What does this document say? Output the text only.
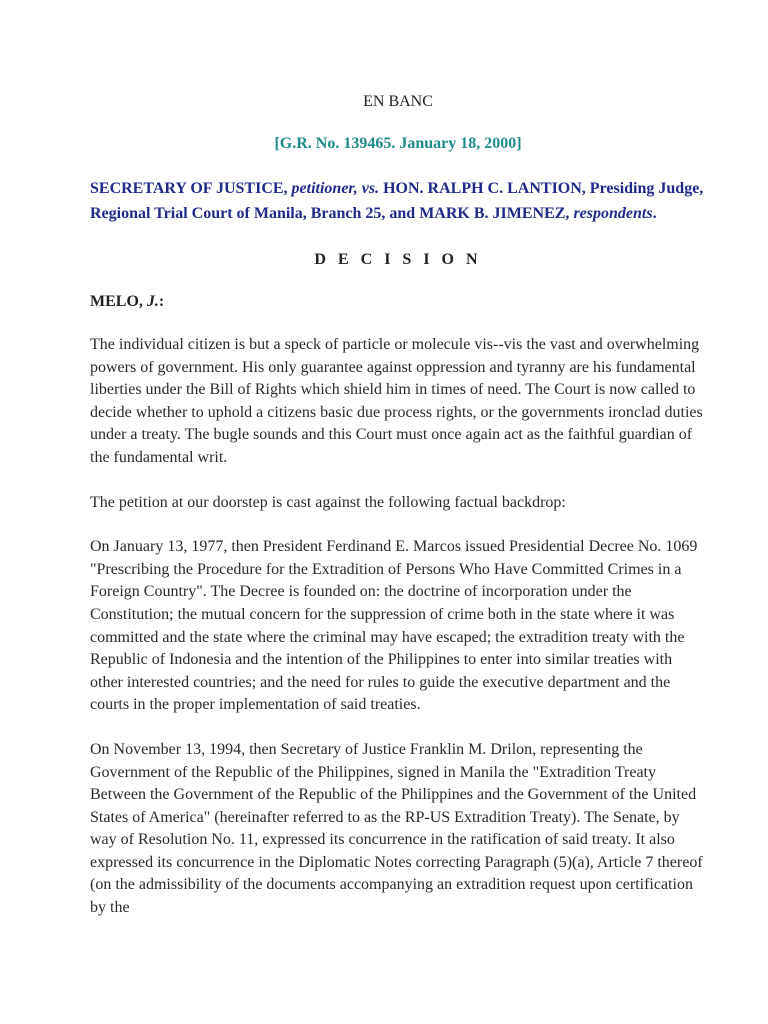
EN BANC

[G.R. No. 139465. January 18, 2000]

SECRETARY OF JUSTICE, petitioner, vs. HON. RALPH C. LANTION, Presiding Judge, Regional Trial Court of Manila, Branch 25, and MARK B. JIMENEZ, respondents.

D E C I S I O N

MELO, J.:

The individual citizen is but a speck of particle or molecule vis--vis the vast and overwhelming powers of government. His only guarantee against oppression and tyranny are his fundamental liberties under the Bill of Rights which shield him in times of need. The Court is now called to decide whether to uphold a citizens basic due process rights, or the governments ironclad duties under a treaty. The bugle sounds and this Court must once again act as the faithful guardian of the fundamental writ.

The petition at our doorstep is cast against the following factual backdrop:

On January 13, 1977, then President Ferdinand E. Marcos issued Presidential Decree No. 1069 "Prescribing the Procedure for the Extradition of Persons Who Have Committed Crimes in a Foreign Country". The Decree is founded on: the doctrine of incorporation under the Constitution; the mutual concern for the suppression of crime both in the state where it was committed and the state where the criminal may have escaped; the extradition treaty with the Republic of Indonesia and the intention of the Philippines to enter into similar treaties with other interested countries; and the need for rules to guide the executive department and the courts in the proper implementation of said treaties.

On November 13, 1994, then Secretary of Justice Franklin M. Drilon, representing the Government of the Republic of the Philippines, signed in Manila the "Extradition Treaty Between the Government of the Republic of the Philippines and the Government of the United States of America" (hereinafter referred to as the RP-US Extradition Treaty). The Senate, by way of Resolution No. 11, expressed its concurrence in the ratification of said treaty. It also expressed its concurrence in the Diplomatic Notes correcting Paragraph (5)(a), Article 7 thereof (on the admissibility of the documents accompanying an extradition request upon certification by the
